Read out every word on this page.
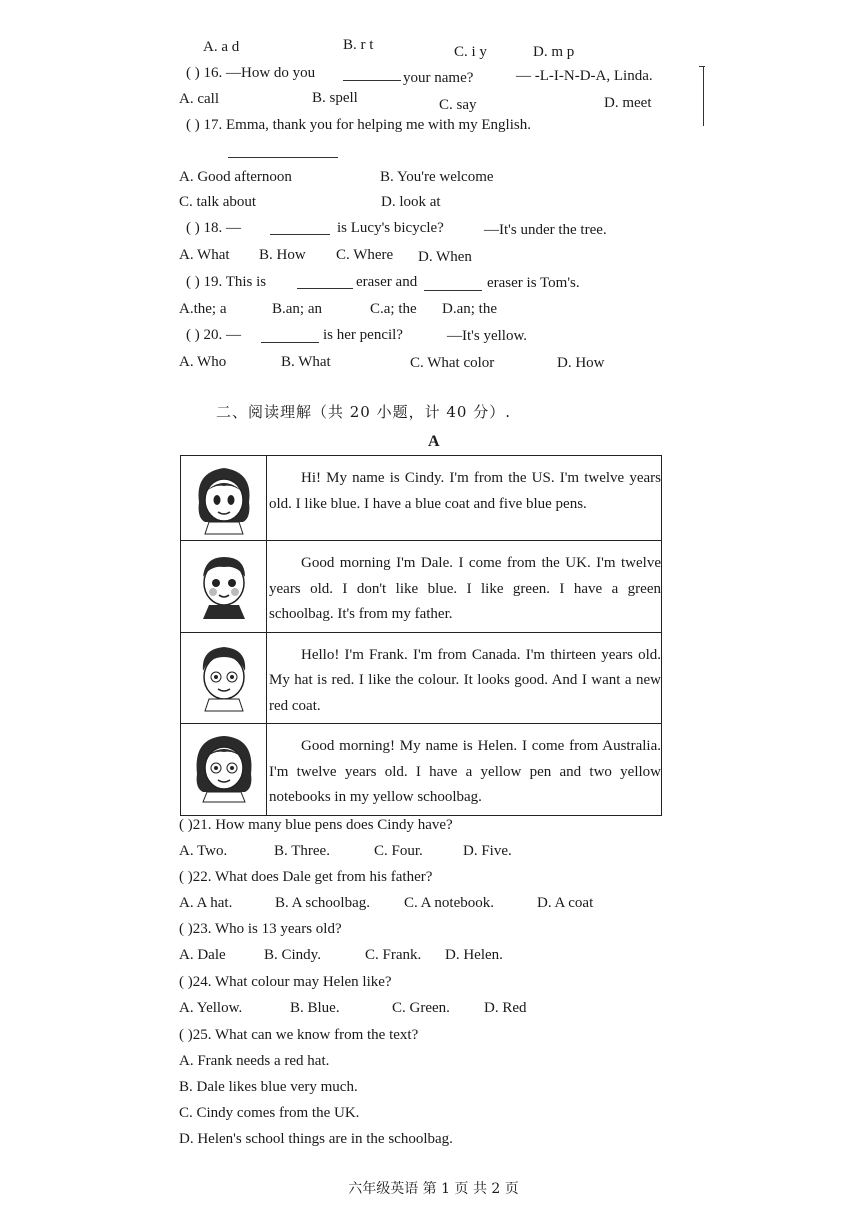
A. a d	B. r t	C. i y	D. m p
( ) 16. —How do you	your name?	— -L-I-N-D-A, Linda.
A. call	B. spell	C. say	D. meet
( ) 17. Emma, thank you for helping me with my English.
A. Good afternoon	B. You're welcome
C. talk about	D. look at
( ) 18. —	is Lucy's bicycle?	—It's under the tree.
A. What B. How C. Where D. When
( ) 19. This is	eraser and	eraser is Tom's.
A.the; a	B.an; an	C.a; the D.an; the
( ) 20. —	is her pencil?	—It's yellow.
A. Who	B. What	C. What color	D. How
二、阅读理解（共 20 小题，计 40 分）.
A

Hi! My name is Cindy. I'm from the US. I'm twelve years old. I like blue. I have a blue coat and five blue pens.

Good morning I'm Dale. I come from the UK. I'm twelve years old. I don't like blue. I like green. I have a green schoolbag. It's from my father.

Hello! I'm Frank. I'm from Canada. I'm thirteen years old. My hat is red. I like the colour. It looks good. And I want a new red coat.

Good morning! My name is Helen. I come from Australia. I'm twelve years old. I have a yellow pen and two yellow notebooks in my yellow schoolbag.
( )21. How many blue pens does Cindy have?
A. Two.	B. Three.	C. Four.	D. Five.
( )22. What does Dale get from his father?
A. A hat.	B. A schoolbag. C. A notebook.	D. A coat
( )23. Who is 13 years old?
A. Dale	B. Cindy.	C. Frank. D. Helen.
( )24. What colour may Helen like?
A. Yellow.	B. Blue.	C. Green. D. Red
( )25. What can we know from the text?
A. Frank needs a red hat.
B. Dale likes blue very much.
C. Cindy comes from the UK.
D. Helen's school things are in the schoolbag.
六年级英语 第 1 页 共 2 页
